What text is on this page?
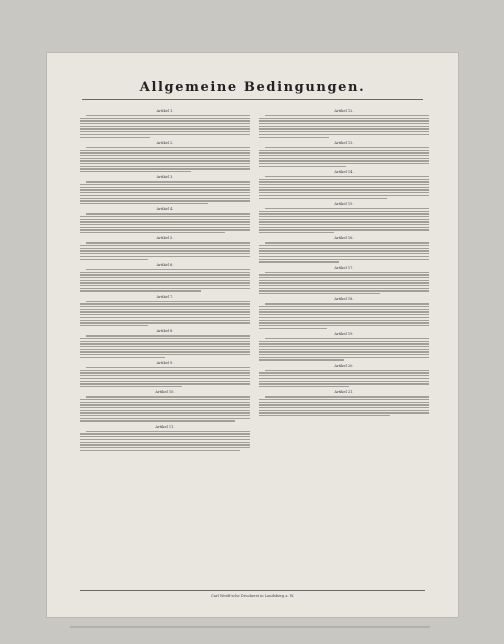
Allgemeine Bedingungen.
Artikel 1.
Artikel 2.
Artikel 3.
Artikel 4.
Artikel 5.
Artikel 6.
Artikel 7.
Artikel 8.
Artikel 9.
Artikel 10.
Artikel 11.
Artikel 12.
Artikel 13.
Artikel 14.
Artikel 15.
Artikel 16.
Artikel 17.
Artikel 18.
Artikel 19.
Artikel 20.
Artikel 21.
Carl Weidt'sche Druckerei in Landsberg a. W.
